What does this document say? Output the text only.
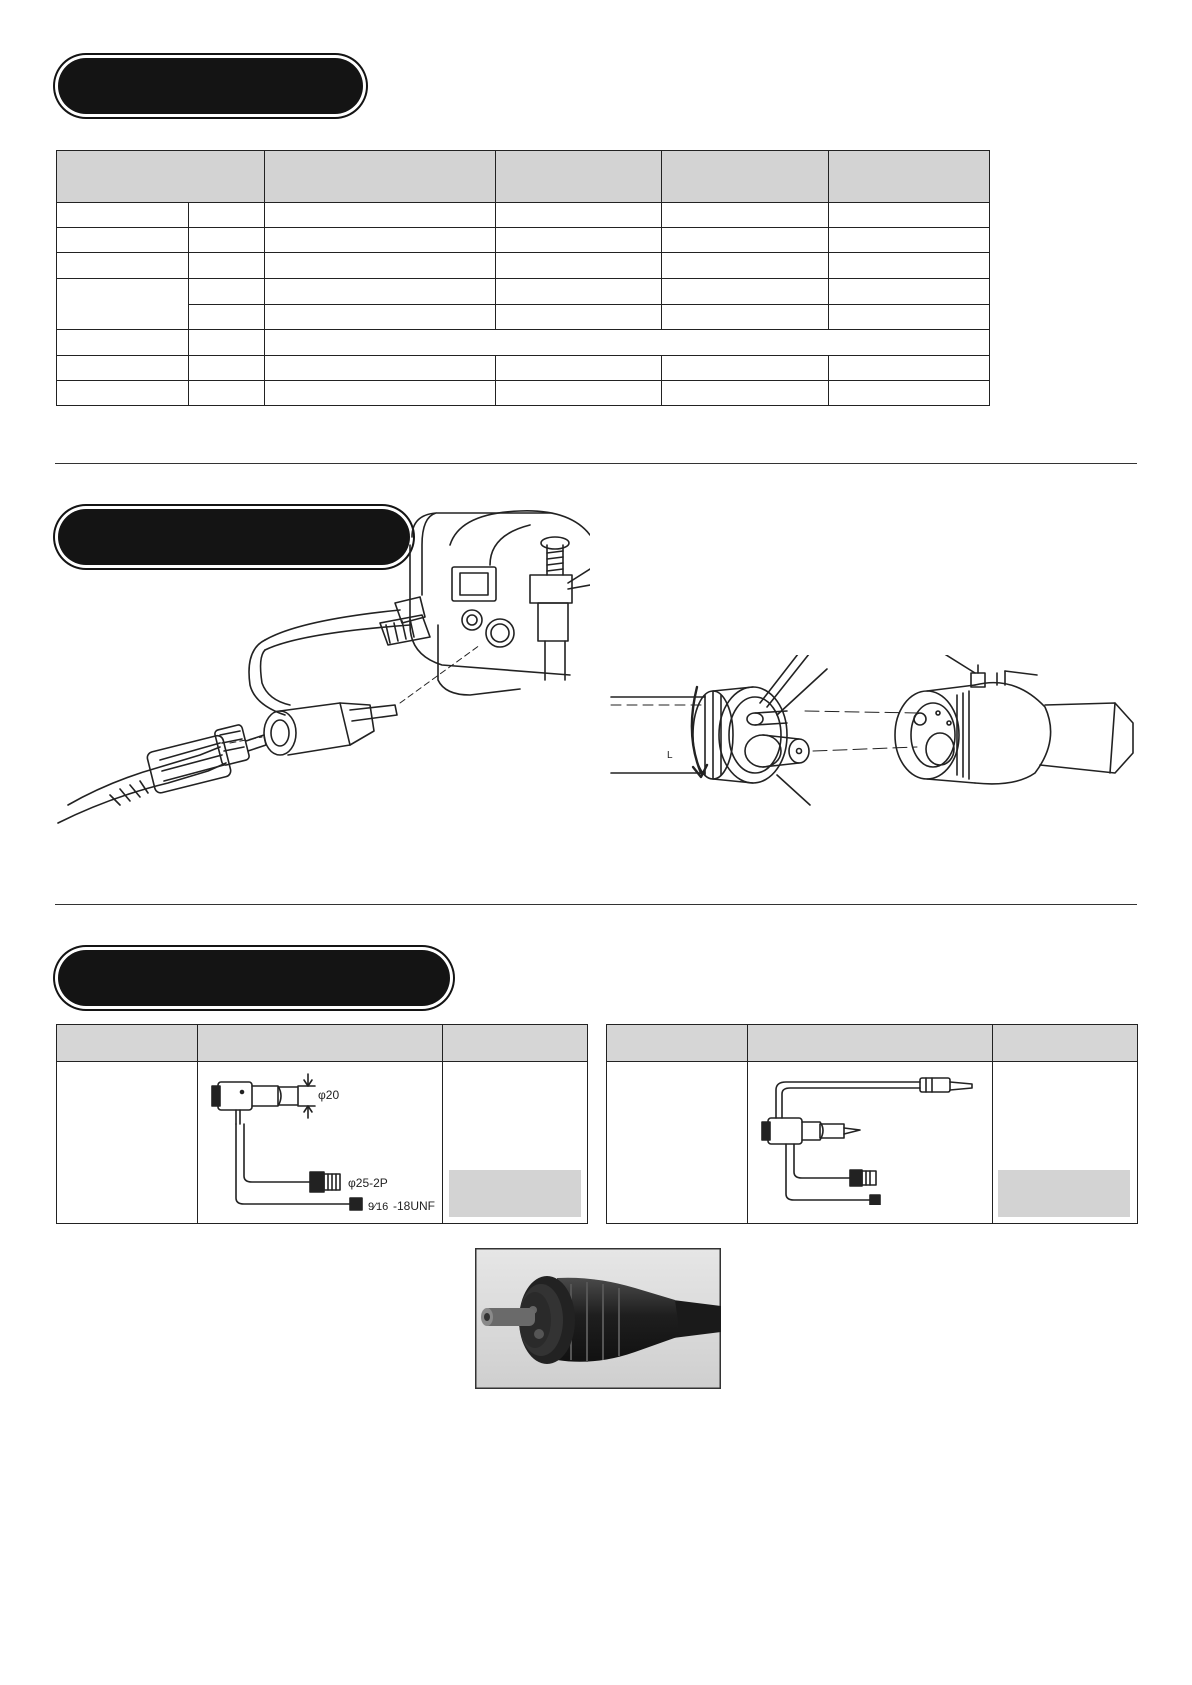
L

φ20
φ25-2P
9⁄16 -18UNF
